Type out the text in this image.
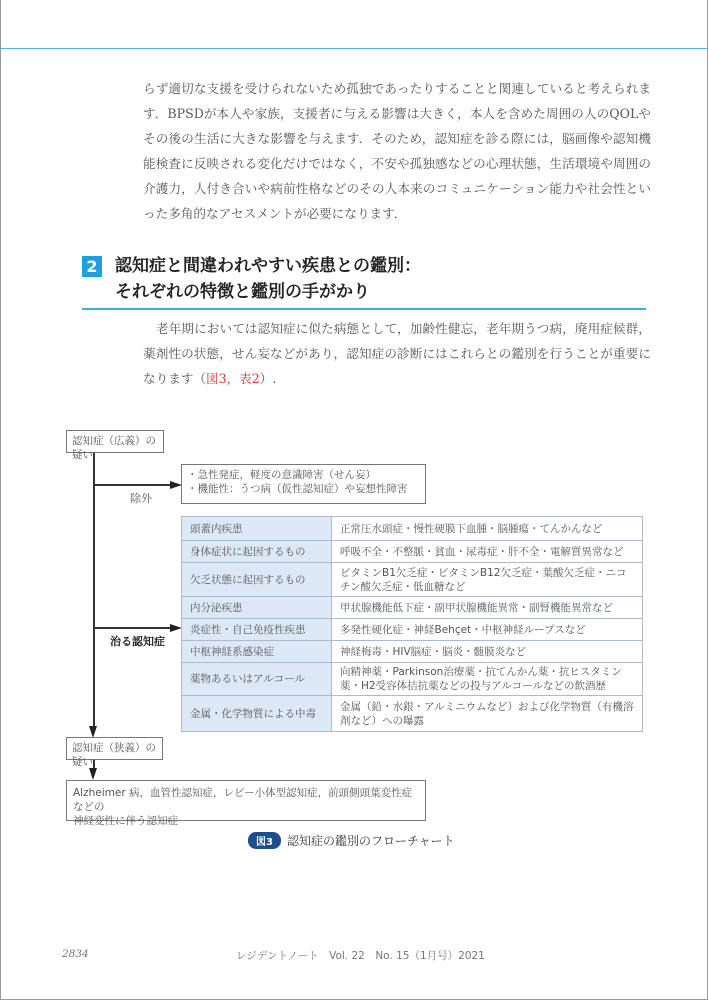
らず適切な支援を受けられないため孤独であったりすることと関連していると考えられます．BPSDが本人や家族，支援者に与える影響は大きく，本人を含めた周囲の人のQOLやその後の生活に大きな影響を与えます．そのため，認知症を診る際には，脳画像や認知機能検査に反映される変化だけではなく，不安や孤独感などの心理状態，生活環境や周囲の介護力，人付き合いや病前性格などのその人本来のコミュニケーション能力や社会性といった多角的なアセスメントが必要になります．

2 認知症と間違われやすい疾患との鑑別：
それぞれの特徴と鑑別の手がかり

老年期においては認知症に似た病態として，加齢性健忘，老年期うつ病，廃用症候群，薬剤性の状態，せん妄などがあり，認知症の診断にはこれらとの鑑別を行うことが重要になります（図3，表2）.

認知症（広義）の疑い
除外
・急性発症，軽度の意識障害（せん妄）
・機能性：うつ病（仮性認知症）や妄想性障害
治る認知症
頭蓋内疾患	正常圧水頭症・慢性硬膜下血腫・脳腫瘍・てんかんなど
身体症状に起因するもの	呼吸不全・不整脈・貧血・尿毒症・肝不全・電解質異常など
欠乏状態に起因するもの	ビタミンB1欠乏症・ビタミンB12欠乏症・葉酸欠乏症・ニコチン酸欠乏症・低血糖など
内分泌疾患	甲状腺機能低下症・副甲状腺機能異常・副腎機能異常など
炎症性・自己免疫性疾患	多発性硬化症・神経Behçet・中枢神経ループスなど
中枢神経系感染症	神経梅毒・HIV脳症・脳炎・髄膜炎など
薬物あるいはアルコール	向精神薬・Parkinson治療薬・抗てんかん薬・抗ヒスタミン薬・H2受容体拮抗薬などの投与アルコールなどの飲酒歴
金属・化学物質による中毒	金属（鉛・水銀・アルミニウムなど）および化学物質（有機溶剤など）への曝露
認知症（狭義）の疑い
Alzheimer 病，血管性認知症，レビー小体型認知症，前頭側頭葉変性症などの
神経変性に伴う認知症
図3	認知症の鑑別のフローチャート
2834	レジデントノート　Vol. 22　No. 15（1月号）2021
